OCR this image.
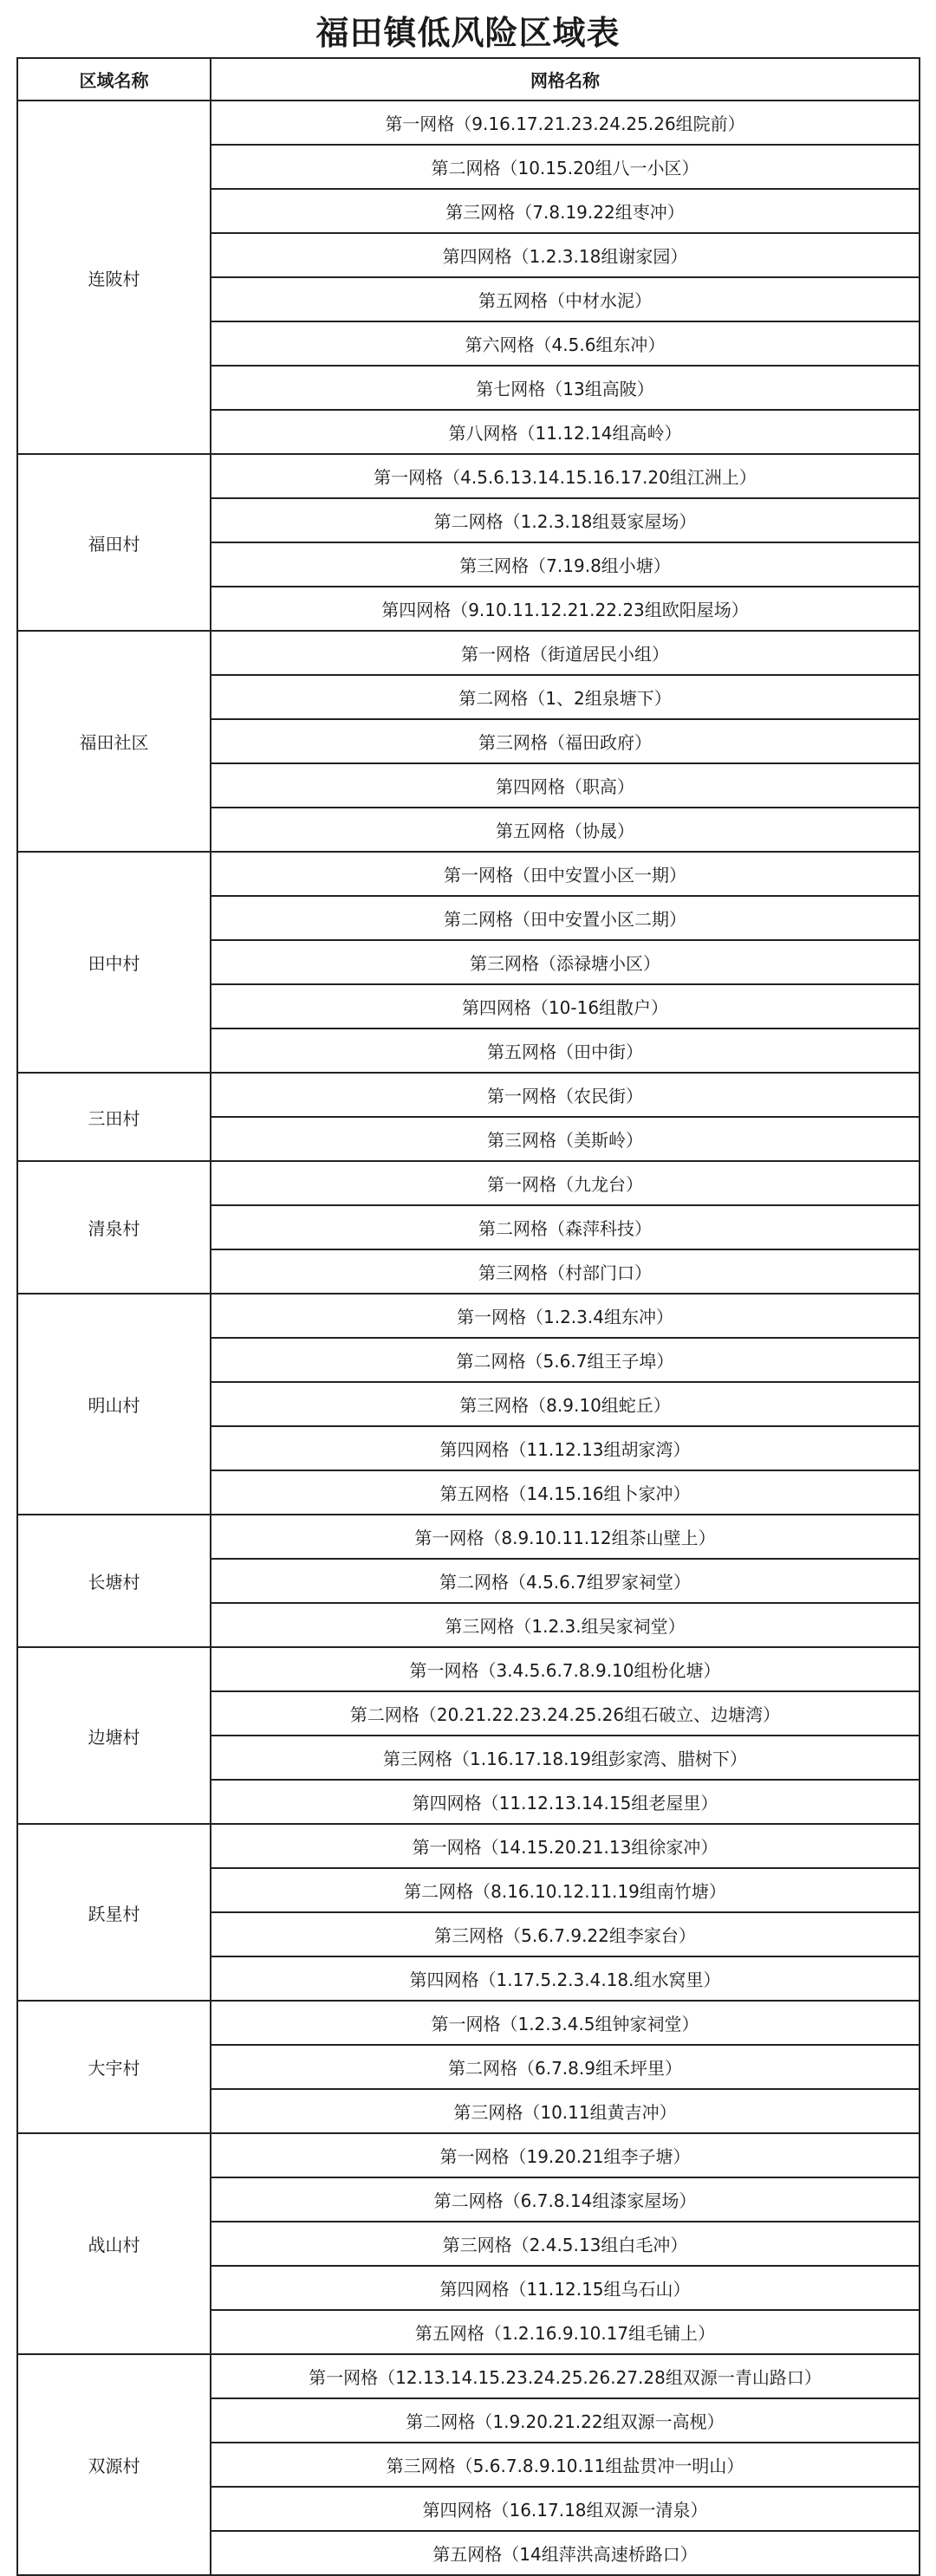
福田镇低风险区域表
区域名称	网格名称
连陂村	第一网格（9.16.17.21.23.24.25.26组院前）
	第二网格（10.15.20组八一小区）
	第三网格（7.8.19.22组枣冲）
	第四网格（1.2.3.18组谢家园）
	第五网格（中材水泥）
	第六网格（4.5.6组东冲）
	第七网格（13组高陂）
	第八网格（11.12.14组高岭）
福田村	第一网格（4.5.6.13.14.15.16.17.20组江洲上）
	第二网格（1.2.3.18组聂家屋场）
	第三网格（7.19.8组小塘）
	第四网格（9.10.11.12.21.22.23组欧阳屋场）
福田社区	第一网格（街道居民小组）
	第二网格（1、2组泉塘下）
	第三网格（福田政府）
	第四网格（职高）
	第五网格（协晟）
田中村	第一网格（田中安置小区一期）
	第二网格（田中安置小区二期）
	第三网格（添禄塘小区）
	第四网格（10-16组散户）
	第五网格（田中街）
三田村	第一网格（农民街）
	第三网格（美斯岭）
清泉村	第一网格（九龙台）
	第二网格（森萍科技）
	第三网格（村部门口）
明山村	第一网格（1.2.3.4组东冲）
	第二网格（5.6.7组王子埠）
	第三网格（8.9.10组蛇丘）
	第四网格（11.12.13组胡家湾）
	第五网格（14.15.16组卜家冲）
长塘村	第一网格（8.9.10.11.12组茶山壁上）
	第二网格（4.5.6.7组罗家祠堂）
	第三网格（1.2.3.组吴家祠堂）
边塘村	第一网格（3.4.5.6.7.8.9.10组枌化塘）
	第二网格（20.21.22.23.24.25.26组石破立、边塘湾）
	第三网格（1.16.17.18.19组彭家湾、腊树下）
	第四网格（11.12.13.14.15组老屋里）
跃星村	第一网格（14.15.20.21.13组徐家冲）
	第二网格（8.16.10.12.11.19组南竹塘）
	第三网格（5.6.7.9.22组李家台）
	第四网格（1.17.5.2.3.4.18.组水窝里）
大宇村	第一网格（1.2.3.4.5组钟家祠堂）
	第二网格（6.7.8.9组禾坪里）
	第三网格（10.11组黄吉冲）
战山村	第一网格（19.20.21组李子塘）
	第二网格（6.7.8.14组漆家屋场）
	第三网格（2.4.5.13组白毛冲）
	第四网格（11.12.15组乌石山）
	第五网格（1.2.16.9.10.17组毛铺上）
双源村	第一网格（12.13.14.15.23.24.25.26.27.28组双源一青山路口）
	第二网格（1.9.20.21.22组双源一高枧）
	第三网格（5.6.7.8.9.10.11组盐贯冲一明山）
	第四网格（16.17.18组双源一清泉）
	第五网格（14组萍洪高速桥路口）
